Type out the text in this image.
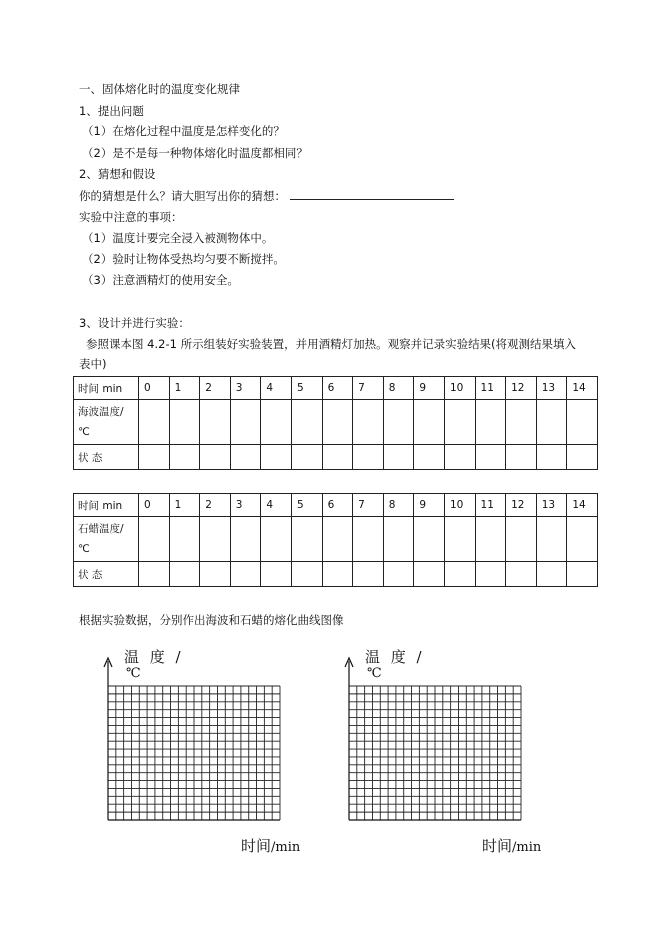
一、固体熔化时的温度变化规律
1、提出问题
（1）在熔化过程中温度是怎样变化的？
（2）是不是每一种物体熔化时温度都相同？
2、猜想和假设
你的猜想是什么？请大胆写出你的猜想：
实验中注意的事项：
（1）温度计要完全浸入被测物体中。
（2）验时让物体受热均匀要不断搅拌。
（3）注意酒精灯的使用安全。
3、设计并进行实验：
参照课本图 4.2-1 所示组装好实验装置，并用酒精灯加热。观察并记录实验结果(将观测结果填入
表中)
时间 min	0	1	2	3	4	5	6	7	8	9	10	11	12	13	14
海波温度/
℃															
状 态															
时间 min	0	1	2	3	4	5	6	7	8	9	10	11	12	13	14
石蜡温度/
℃															
状 态															
根据实验数据，分别作出海波和石蜡的熔化曲线图像
温 度 /
℃
时间/min
温 度 /
℃
时间/min
